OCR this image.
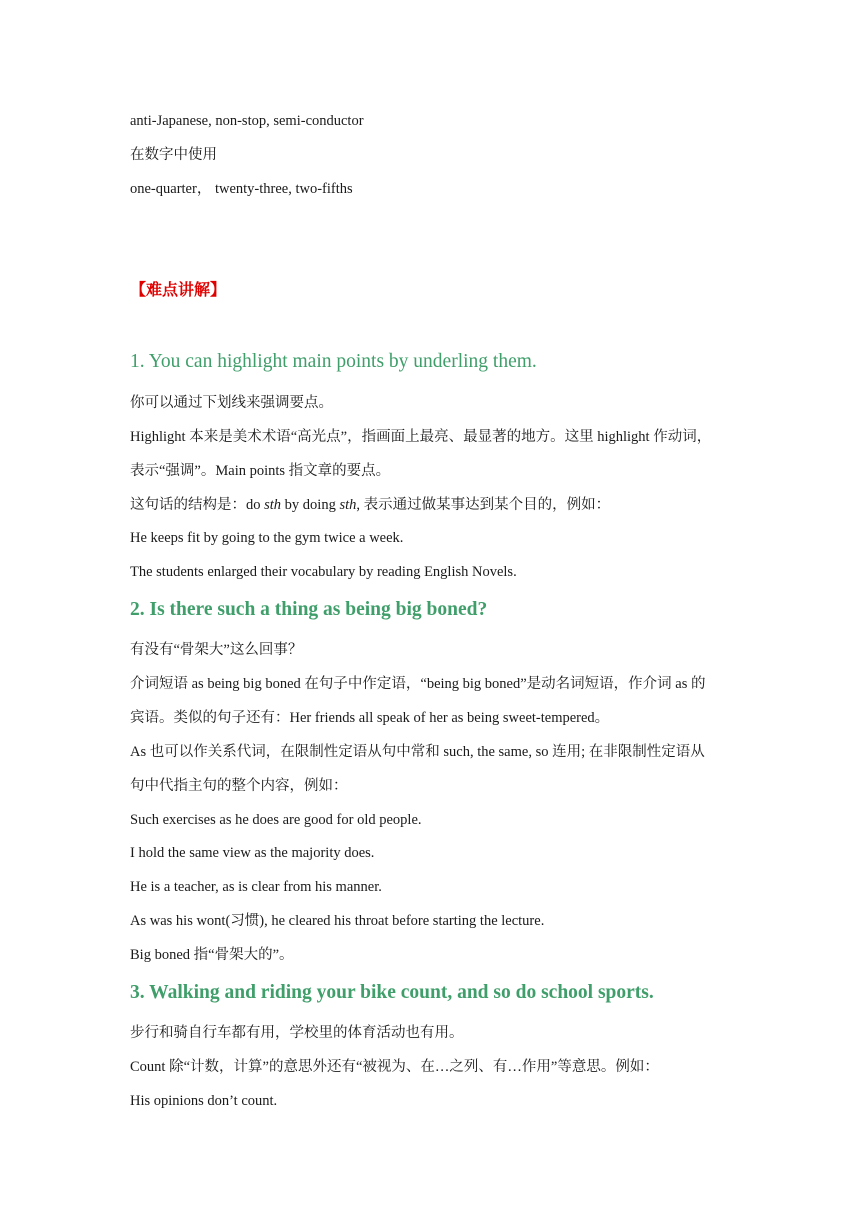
anti-Japanese, non-stop, semi-conductor
在数字中使用
one-quarter， twenty-three, two-fifths
【难点讲解】
1. You can highlight main points by underling them.
你可以通过下划线来强调要点。
Highlight 本来是美术术语“高光点”，指画面上最亮、最显著的地方。这里 highlight 作动词，
表示“强调”。Main points 指文章的要点。
这句话的结构是：do sth by doing sth, 表示通过做某事达到某个目的，例如：
He keeps fit by going to the gym twice a week.
The students enlarged their vocabulary by reading English Novels.
2. Is there such a thing as being big boned?
有没有“骨架大”这么回事？
介词短语 as being big boned 在句子中作定语，“being big boned”是动名词短语，作介词 as 的
宾语。类似的句子还有：Her friends all speak of her as being sweet-tempered。
As 也可以作关系代词，在限制性定语从句中常和 such, the same, so 连用; 在非限制性定语从
句中代指主句的整个内容，例如：
Such exercises as he does are good for old people.
I hold the same view as the majority does.
He is a teacher, as is clear from his manner.
As was his wont(习惯), he cleared his throat before starting the lecture.
Big boned 指“骨架大的”。
3. Walking and riding your bike count, and so do school sports.
步行和骑自行车都有用，学校里的体育活动也有用。
Count 除“计数，计算”的意思外还有“被视为、在…之列、有…作用”等意思。例如：
His opinions don’t count.
